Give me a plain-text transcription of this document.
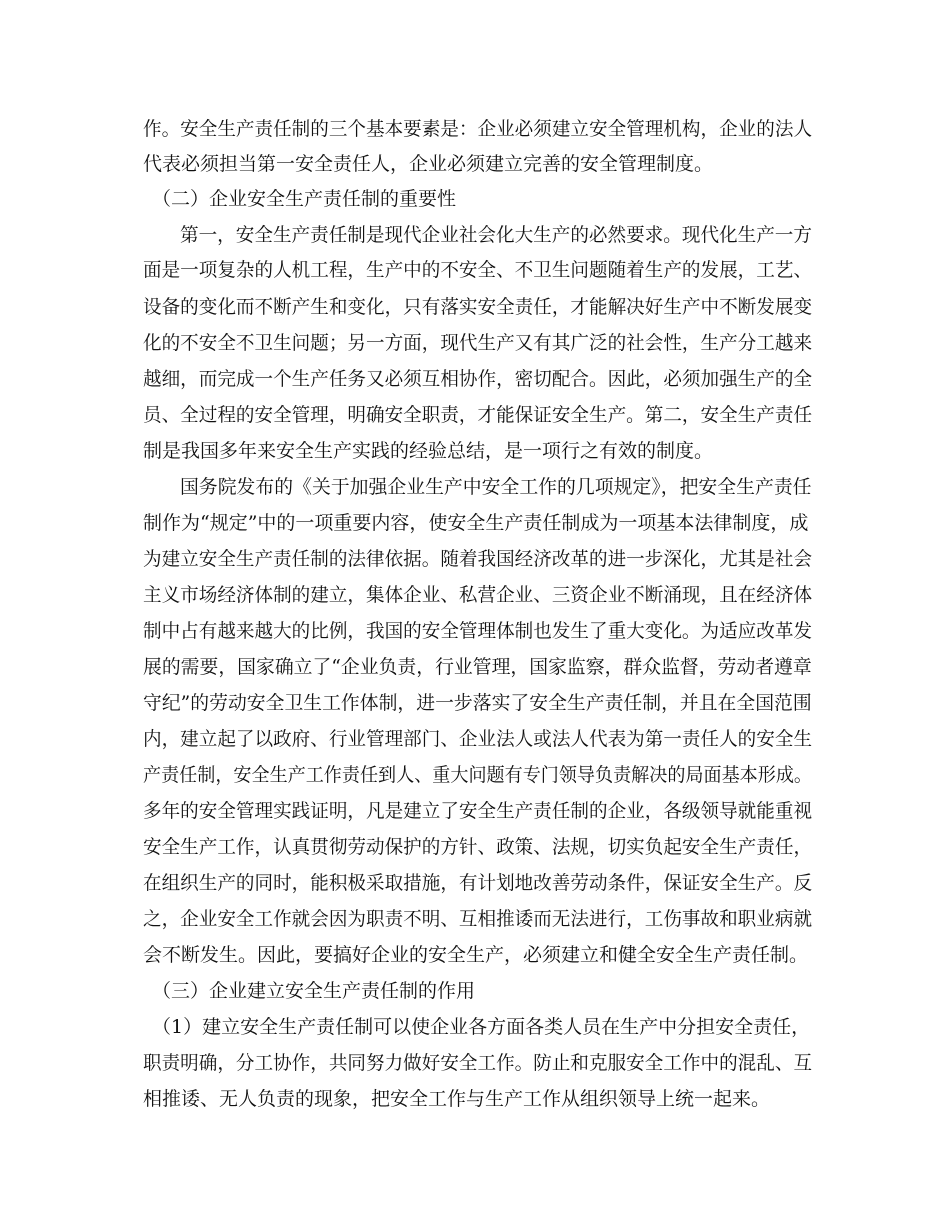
作。安全生产责任制的三个基本要素是：企业必须建立安全管理机构，企业的法人
代表必须担当第一安全责任人，企业必须建立完善的安全管理制度。
（二）企业安全生产责任制的重要性
第一，安全生产责任制是现代企业社会化大生产的必然要求。现代化生产一方
面是一项复杂的人机工程，生产中的不安全、不卫生问题随着生产的发展，工艺、
设备的变化而不断产生和变化，只有落实安全责任，才能解决好生产中不断发展变
化的不安全不卫生问题；另一方面，现代生产又有其广泛的社会性，生产分工越来
越细，而完成一个生产任务又必须互相协作，密切配合。因此，必须加强生产的全
员、全过程的安全管理，明确安全职责，才能保证安全生产。第二，安全生产责任
制是我国多年来安全生产实践的经验总结，是一项行之有效的制度。
国务院发布的《关于加强企业生产中安全工作的几项规定》，把安全生产责任
制作为“规定”中的一项重要内容，使安全生产责任制成为一项基本法律制度，成
为建立安全生产责任制的法律依据。随着我国经济改革的进一步深化，尤其是社会
主义市场经济体制的建立，集体企业、私营企业、三资企业不断涌现，且在经济体
制中占有越来越大的比例，我国的安全管理体制也发生了重大变化。为适应改革发
展的需要，国家确立了“企业负责，行业管理，国家监察，群众监督，劳动者遵章
守纪”的劳动安全卫生工作体制，进一步落实了安全生产责任制，并且在全国范围
内，建立起了以政府、行业管理部门、企业法人或法人代表为第一责任人的安全生
产责任制，安全生产工作责任到人、重大问题有专门领导负责解决的局面基本形成。
多年的安全管理实践证明，凡是建立了安全生产责任制的企业，各级领导就能重视
安全生产工作，认真贯彻劳动保护的方针、政策、法规，切实负起安全生产责任，
在组织生产的同时，能积极采取措施，有计划地改善劳动条件，保证安全生产。反
之，企业安全工作就会因为职责不明、互相推诿而无法进行，工伤事故和职业病就
会不断发生。因此，要搞好企业的安全生产，必须建立和健全安全生产责任制。
（三）企业建立安全生产责任制的作用
（1）建立安全生产责任制可以使企业各方面各类人员在生产中分担安全责任，
职责明确，分工协作，共同努力做好安全工作。防止和克服安全工作中的混乱、互
相推诿、无人负责的现象，把安全工作与生产工作从组织领导上统一起来。
